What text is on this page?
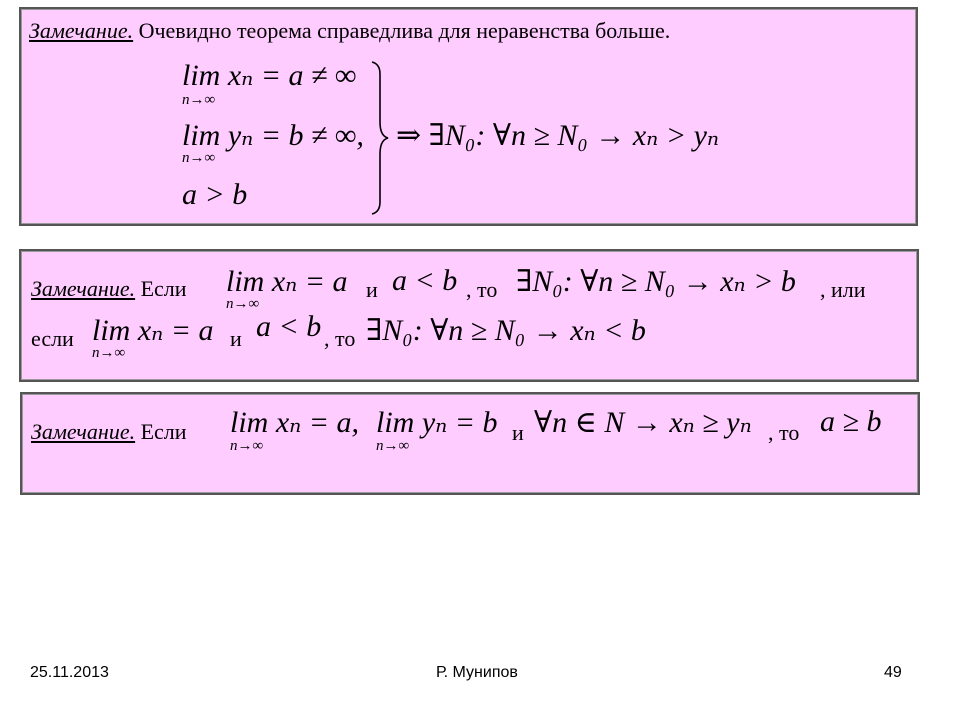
Замечание. Очевидно теорема справедлива для неравенства больше.
lim xₙ = a ≠ ∞
n→∞
lim yₙ = b ≠ ∞,
n→∞
a > b
⇒ ∃N₀: ∀n ≥ N₀ → xₙ > yₙ
Замечание. Если lim xₙ = a
n→∞
и a < b , то ∃N₀: ∀n ≥ N₀ → xₙ > b , или
если lim xₙ = a
n→∞
и a < b , то ∃N₀: ∀n ≥ N₀ → xₙ < b
Замечание. Если lim xₙ = a,
n→∞
lim yₙ = b
n→∞
и ∀n ∈ N → xₙ ≥ yₙ , то a ≥ b
25.11.2013	Р. Мунипов	49
